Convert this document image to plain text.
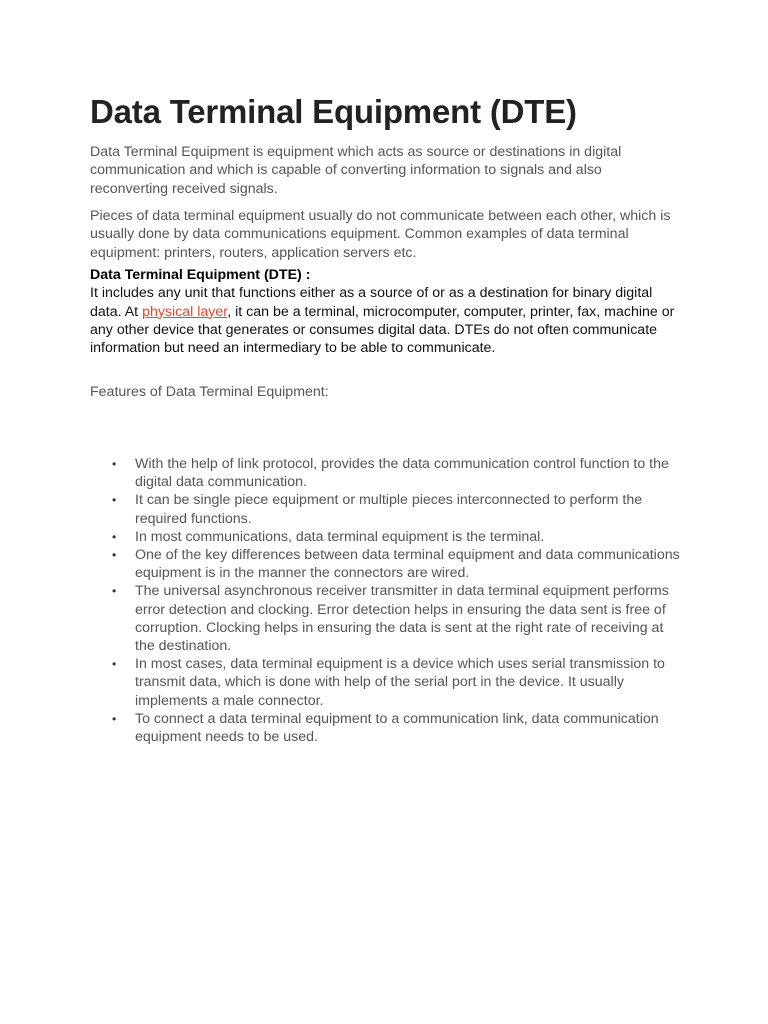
Data Terminal Equipment (DTE)

Data Terminal Equipment is equipment which acts as source or destinations in digital communication and which is capable of converting information to signals and also reconverting received signals.

Pieces of data terminal equipment usually do not communicate between each other, which is usually done by data communications equipment. Common examples of data terminal equipment: printers, routers, application servers etc.

Data Terminal Equipment (DTE) :
It includes any unit that functions either as a source of or as a destination for binary digital data. At physical layer, it can be a terminal, microcomputer, computer, printer, fax, machine or any other device that generates or consumes digital data. DTEs do not often communicate information but need an intermediary to be able to communicate.

Features of Data Terminal Equipment:

• With the help of link protocol, provides the data communication control function to the digital data communication.
• It can be single piece equipment or multiple pieces interconnected to perform the required functions.
• In most communications, data terminal equipment is the terminal.
• One of the key differences between data terminal equipment and data communications equipment is in the manner the connectors are wired.
• The universal asynchronous receiver transmitter in data terminal equipment performs error detection and clocking. Error detection helps in ensuring the data sent is free of corruption. Clocking helps in ensuring the data is sent at the right rate of receiving at the destination.
• In most cases, data terminal equipment is a device which uses serial transmission to transmit data, which is done with help of the serial port in the device. It usually implements a male connector.
• To connect a data terminal equipment to a communication link, data communication equipment needs to be used.
